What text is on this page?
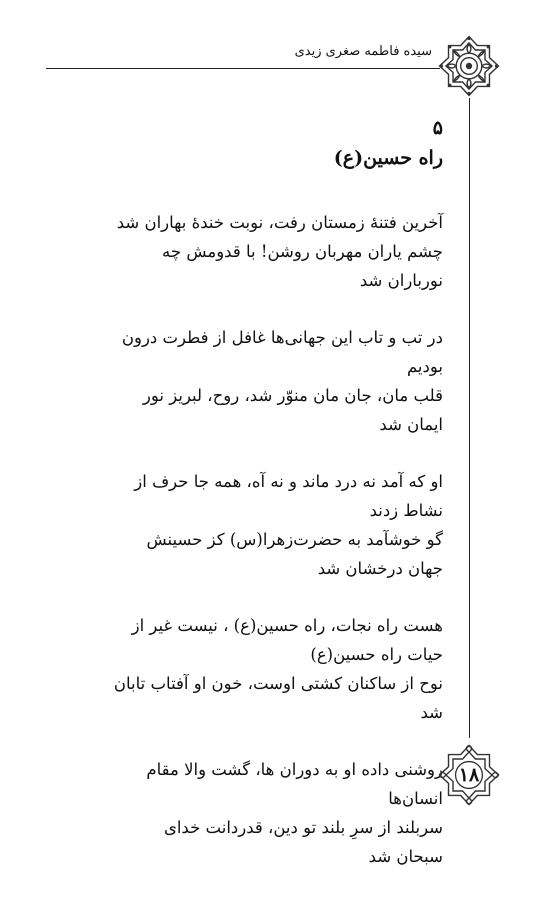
سیده فاطمه صغری زیدی
۵
راه حسین(ع)
آخرین فتنهٔ زمستان رفت، نوبت خندهٔ بهاران شد
چشم یاران مهربان روشن! با قدومش چه نورباران شد
در تب و تاب این جهانی‌ها غافل از فطرت درون بودیم
قلب مان، جان مان منوّر شد، روح، لبریز نور ایمان شد
او که آمد نه درد ماند و نه آه، همه جا حرف از نشاط زدند
گو خوشآمد به حضرت‌زهرا(س) کز حسینش جهان درخشان شد
هست راه نجات، راه حسین(ع) ، نیست غیر از حیات راه حسین(ع)
نوح از ساکنان کشتی اوست، خون او آفتاب تابان شد
روشنی داده او به دوران ها، گشت والا مقام انسان‌ها
سربلند از سرِ بلند تو دین، قدردانت خدای سبحان شد
۱۸
